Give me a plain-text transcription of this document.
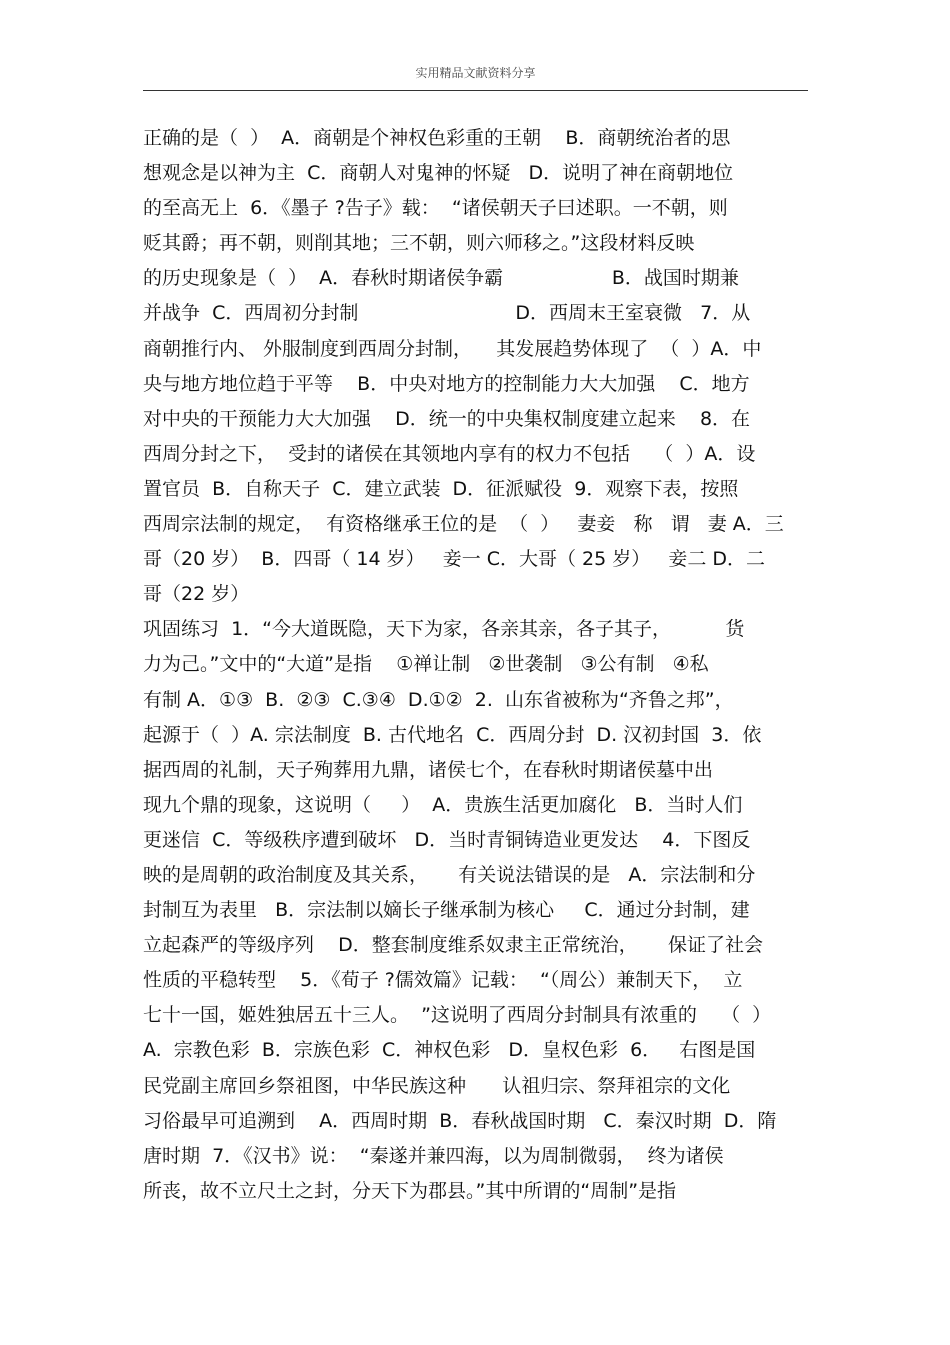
实用精品文献资料分享
正确的是（  ）  A．商朝是个神权色彩重的王朝    B．商朝统治者的思
想观念是以神为主  C．商朝人对鬼神的怀疑   D．说明了神在商朝地位
的至高无上  6．《墨子 ?告子》载：  “诸侯朝天子曰述职。一不朝，则
贬其爵；再不朝，则削其地；三不朝，则六师移之。”这段材料反映
的历史现象是（  ）  A．春秋时期诸侯争霸                  B．战国时期兼
并战争  C．西周初分封制                          D．西周末王室衰微   7．从
商朝推行内、 外服制度到西周分封制，    其发展趋势体现了  （  ）A．中
央与地方地位趋于平等    B．中央对地方的控制能力大大加强    C．地方
对中央的干预能力大大加强    D．统一的中央集权制度建立起来    8．在
西周分封之下，  受封的诸侯在其领地内享有的权力不包括    （  ）A．设
置官员  B．自称天子  C．建立武装  D．征派赋役  9．观察下表，按照
西周宗法制的规定，  有资格继承王位的是  （  ）   妻妾   称   谓   妻 A．三
哥（20 岁）  B．四哥（ 14 岁）   妾一 C．大哥（ 25 岁）   妾二 D．二
哥（22 岁）
巩固练习  1．“今大道既隐，天下为家，各亲其亲，各子其子，         货
力为己。”文中的“大道”是指    ①禅让制   ②世袭制   ③公有制   ④私
有制 A．①③  B.  ②③  C.③④  D.①②  2.  山东省被称为“齐鲁之邦”，
起源于（  ）A. 宗法制度  B. 古代地名  C．西周分封  D. 汉初封国  3．依
据西周的礼制，天子殉葬用九鼎，诸侯七个，在春秋时期诸侯墓中出
现九个鼎的现象，这说明（     ）  A．贵族生活更加腐化   B．当时人们
更迷信  C．等级秩序遭到破坏   D．当时青铜铸造业更发达    4．下图反
映的是周朝的政治制度及其关系，     有关说法错误的是   A．宗法制和分
封制互为表里   B．宗法制以嫡长子继承制为核心     C．通过分封制，建
立起森严的等级序列    D．整套制度维系奴隶主正常统治，     保证了社会
性质的平稳转型    5．《荀子 ?儒效篇》记载：  “（周公）兼制天下，  立
七十一国，姬姓独居五十三人。  ”这说明了西周分封制具有浓重的    （  ）
A.  宗教色彩  B．宗族色彩  C．神权色彩   D．皇权色彩  6．   右图是国
民党副主席回乡祭祖图，中华民族这种      认祖归宗、祭拜祖宗的文化
习俗最早可追溯到    A．西周时期  B．春秋战国时期   C．秦汉时期  D．隋
唐时期  7．《汉书》说：  “秦遂并兼四海，以为周制微弱，  终为诸侯
所丧，故不立尺土之封，分天下为郡县。”其中所谓的“周制”是指
